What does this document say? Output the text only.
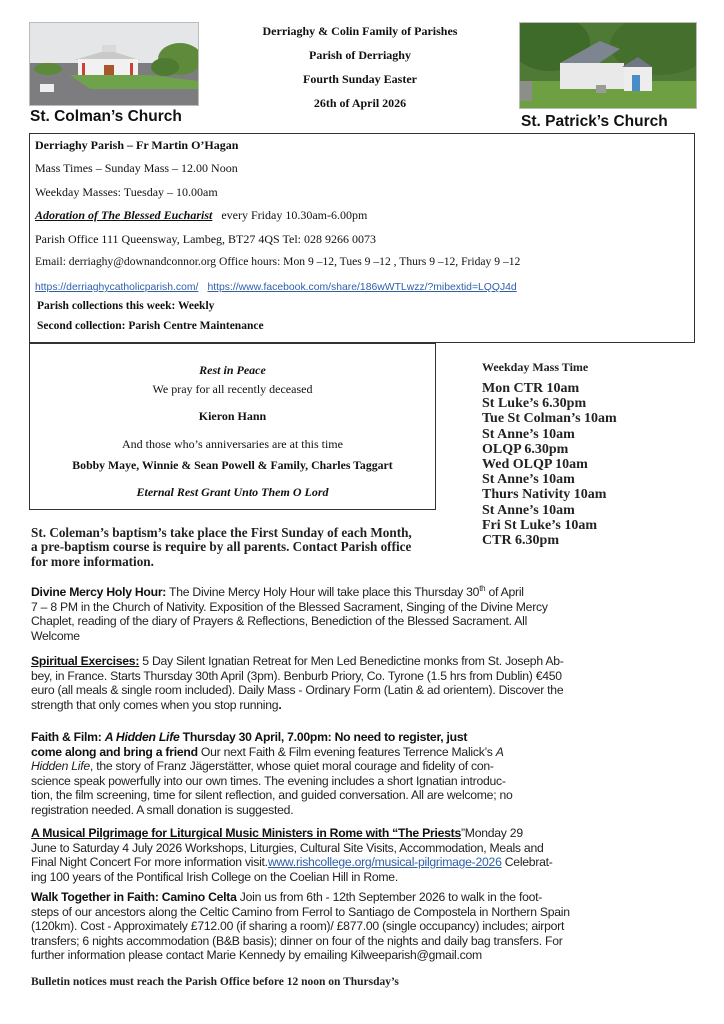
St. Colman’s Church
Derriaghy & Colin Family of Parishes
Parish of Derriaghy
Fourth Sunday Easter
26th of April 2026
St. Patrick’s Church
Derriaghy Parish – Fr Martin O’Hagan
Mass Times – Sunday Mass – 12.00 Noon
Weekday Masses: Tuesday – 10.00am
Adoration of The Blessed Eucharist every Friday 10.30am-6.00pm
Parish Office 111 Queensway, Lambeg, BT27 4QS Tel: 028 9266 0073
Email: derriaghy@downandconnor.org Office hours: Mon 9 –12, Tues 9 –12 , Thurs 9 –12, Friday 9 –12
https://derriaghycatholicparish.com/ https://www.facebook.com/share/186wWTLwzz/?mibextid=LQQJ4d
Parish collections this week: Weekly
Second collection: Parish Centre Maintenance
Rest in Peace
We pray for all recently deceased
Kieron Hann
And those who’s anniversaries are at this time
Bobby Maye, Winnie & Sean Powell & Family, Charles Taggart
Eternal Rest Grant Unto Them O Lord
Weekday Mass Time
Mon CTR 10am
St Luke’s 6.30pm
Tue St Colman’s 10am
St Anne’s 10am
OLQP 6.30pm
Wed OLQP 10am
St Anne’s 10am
Thurs Nativity 10am
St Anne’s 10am
Fri St Luke’s 10am
CTR 6.30pm
St. Coleman’s baptism’s take place the First Sunday of each Month,
a pre-baptism course is require by all parents. Contact Parish office
for more information.
Divine Mercy Holy Hour: The Divine Mercy Holy Hour will take place this Thursday 30th of April
7 – 8 PM in the Church of Nativity. Exposition of the Blessed Sacrament, Singing of the Divine Mercy
Chaplet, reading of the diary of Prayers & Reflections, Benediction of the Blessed Sacrament. All
Welcome
Spiritual Exercises: 5 Day Silent Ignatian Retreat for Men Led Benedictine monks from St. Joseph Ab-
bey, in France. Starts Thursday 30th April (3pm). Benburb Priory, Co. Tyrone (1.5 hrs from Dublin) €450
euro (all meals & single room included). Daily Mass - Ordinary Form (Latin & ad orientem). Discover the
strength that only comes when you stop running.
Faith & Film: A Hidden Life Thursday 30 April, 7.00pm: No need to register, just
come along and bring a friend Our next Faith & Film evening features Terrence Malick’s A
Hidden Life, the story of Franz Jägerstätter, whose quiet moral courage and fidelity of con-
science speak powerfully into our own times. The evening includes a short Ignatian introduc-
tion, the film screening, time for silent reflection, and guided conversation. All are welcome; no
registration needed. A small donation is suggested.
A Musical Pilgrimage for Liturgical Music Ministers in Rome with “The Priests”Monday 29
June to Saturday 4 July 2026 Workshops, Liturgies, Cultural Site Visits, Accommodation, Meals and
Final Night Concert For more information visit.www.rishcollege.org/musical-pilgrimage-2026 Celebrat-
ing 100 years of the Pontifical Irish College on the Coelian Hill in Rome.
Walk Together in Faith: Camino Celta Join us from 6th - 12th September 2026 to walk in the foot-
steps of our ancestors along the Celtic Camino from Ferrol to Santiago de Compostela in Northern Spain
(120km). Cost - Approximately £712.00 (if sharing a room)/ £877.00 (single occupancy) includes; airport
transfers; 6 nights accommodation (B&B basis); dinner on four of the nights and daily bag transfers. For
further information please contact Marie Kennedy by emailing Kilweeparish@gmail.com
Bulletin notices must reach the Parish Office before 12 noon on Thursday’s
